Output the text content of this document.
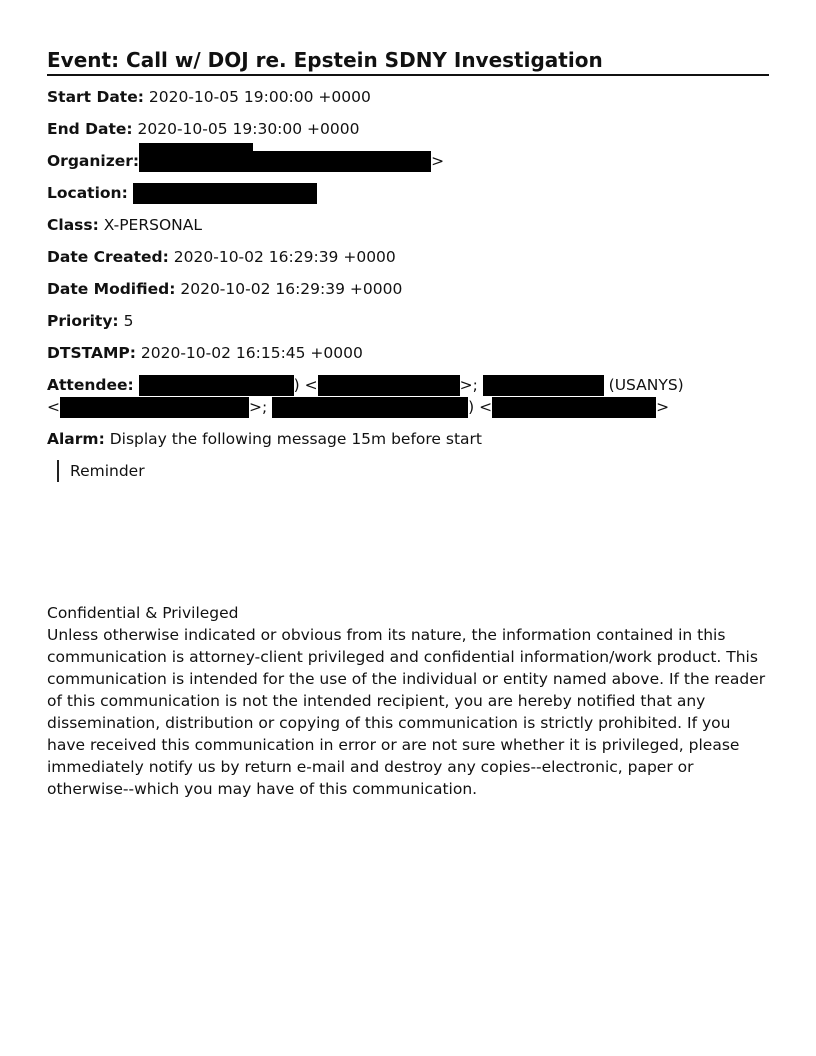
Event: Call w/ DOJ re. Epstein SDNY Investigation
Start Date: 2020-10-05 19:00:00 +0000
End Date: 2020-10-05 19:30:00 +0000
Organizer:	>
Location:
Class: X-PERSONAL
Date Created: 2020-10-02 16:29:39 +0000
Date Modified: 2020-10-02 16:29:39 +0000
Priority: 5
DTSTAMP: 2020-10-02 16:15:45 +0000
Attendee:	) <	>;	(USANYS)
<	>;	) <	>
Alarm: Display the following message 15m before start
Reminder

Confidential & Privileged

Unless otherwise indicated or obvious from its nature, the information contained in this communication is attorney-client privileged and confidential information/work product. This communication is intended for the use of the individual or entity named above. If the reader of this communication is not the intended recipient, you are hereby notified that any dissemination, distribution or copying of this communication is strictly prohibited. If you have received this communication in error or are not sure whether it is privileged, please immediately notify us by return e-mail and destroy any copies--electronic, paper or otherwise--which you may have of this communication.
